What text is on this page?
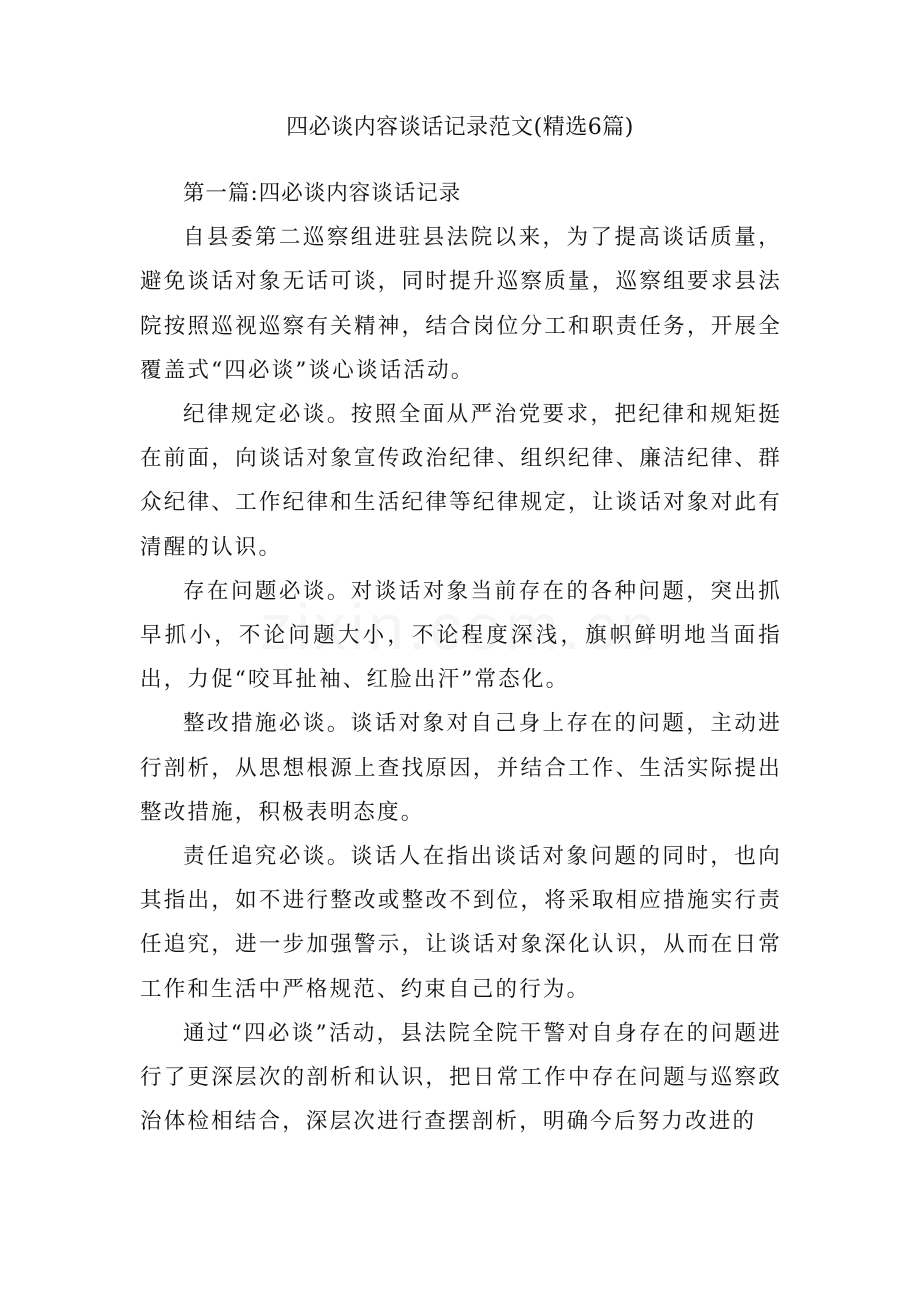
四必谈内容谈话记录范文(精选6篇)

第一篇:四必谈内容谈话记录

自县委第二巡察组进驻县法院以来，为了提高谈话质量，避免谈话对象无话可谈，同时提升巡察质量，巡察组要求县法院按照巡视巡察有关精神，结合岗位分工和职责任务，开展全覆盖式“四必谈”谈心谈话活动。

纪律规定必谈。按照全面从严治党要求，把纪律和规矩挺在前面，向谈话对象宣传政治纪律、组织纪律、廉洁纪律、群众纪律、工作纪律和生活纪律等纪律规定，让谈话对象对此有清醒的认识。

存在问题必谈。对谈话对象当前存在的各种问题，突出抓早抓小，不论问题大小，不论程度深浅，旗帜鲜明地当面指出，力促“咬耳扯袖、红脸出汗”常态化。

整改措施必谈。谈话对象对自己身上存在的问题，主动进行剖析，从思想根源上查找原因，并结合工作、生活实际提出整改措施，积极表明态度。

责任追究必谈。谈话人在指出谈话对象问题的同时，也向其指出，如不进行整改或整改不到位，将采取相应措施实行责任追究，进一步加强警示，让谈话对象深化认识，从而在日常工作和生活中严格规范、约束自己的行为。

通过“四必谈”活动，县法院全院干警对自身存在的问题进行了更深层次的剖析和认识，把日常工作中存在问题与巡察政治体检相结合，深层次进行查摆剖析，明确今后努力改进的
